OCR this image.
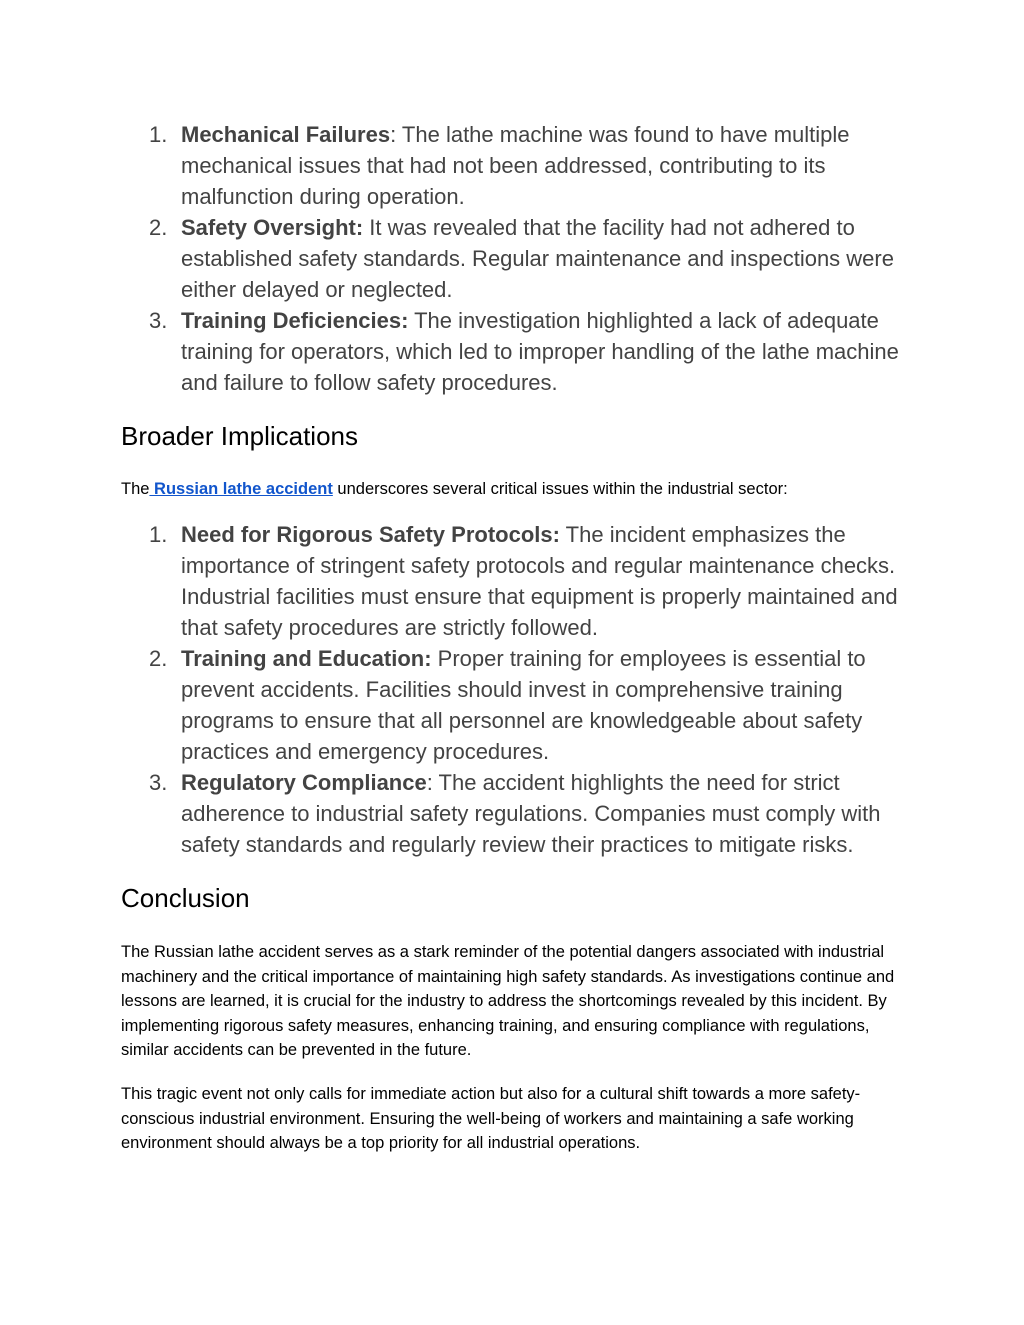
1. Mechanical Failures: The lathe machine was found to have multiple mechanical issues that had not been addressed, contributing to its malfunction during operation.
2. Safety Oversight: It was revealed that the facility had not adhered to established safety standards. Regular maintenance and inspections were either delayed or neglected.
3. Training Deficiencies: The investigation highlighted a lack of adequate training for operators, which led to improper handling of the lathe machine and failure to follow safety procedures.
Broader Implications

The Russian lathe accident underscores several critical issues within the industrial sector:

1. Need for Rigorous Safety Protocols: The incident emphasizes the importance of stringent safety protocols and regular maintenance checks. Industrial facilities must ensure that equipment is properly maintained and that safety procedures are strictly followed.
2. Training and Education: Proper training for employees is essential to prevent accidents. Facilities should invest in comprehensive training programs to ensure that all personnel are knowledgeable about safety practices and emergency procedures.
3. Regulatory Compliance: The accident highlights the need for strict adherence to industrial safety regulations. Companies must comply with safety standards and regularly review their practices to mitigate risks.
Conclusion

The Russian lathe accident serves as a stark reminder of the potential dangers associated with industrial machinery and the critical importance of maintaining high safety standards. As investigations continue and lessons are learned, it is crucial for the industry to address the shortcomings revealed by this incident. By implementing rigorous safety measures, enhancing training, and ensuring compliance with regulations, similar accidents can be prevented in the future.

This tragic event not only calls for immediate action but also for a cultural shift towards a more safety-conscious industrial environment. Ensuring the well-being of workers and maintaining a safe working environment should always be a top priority for all industrial operations.
